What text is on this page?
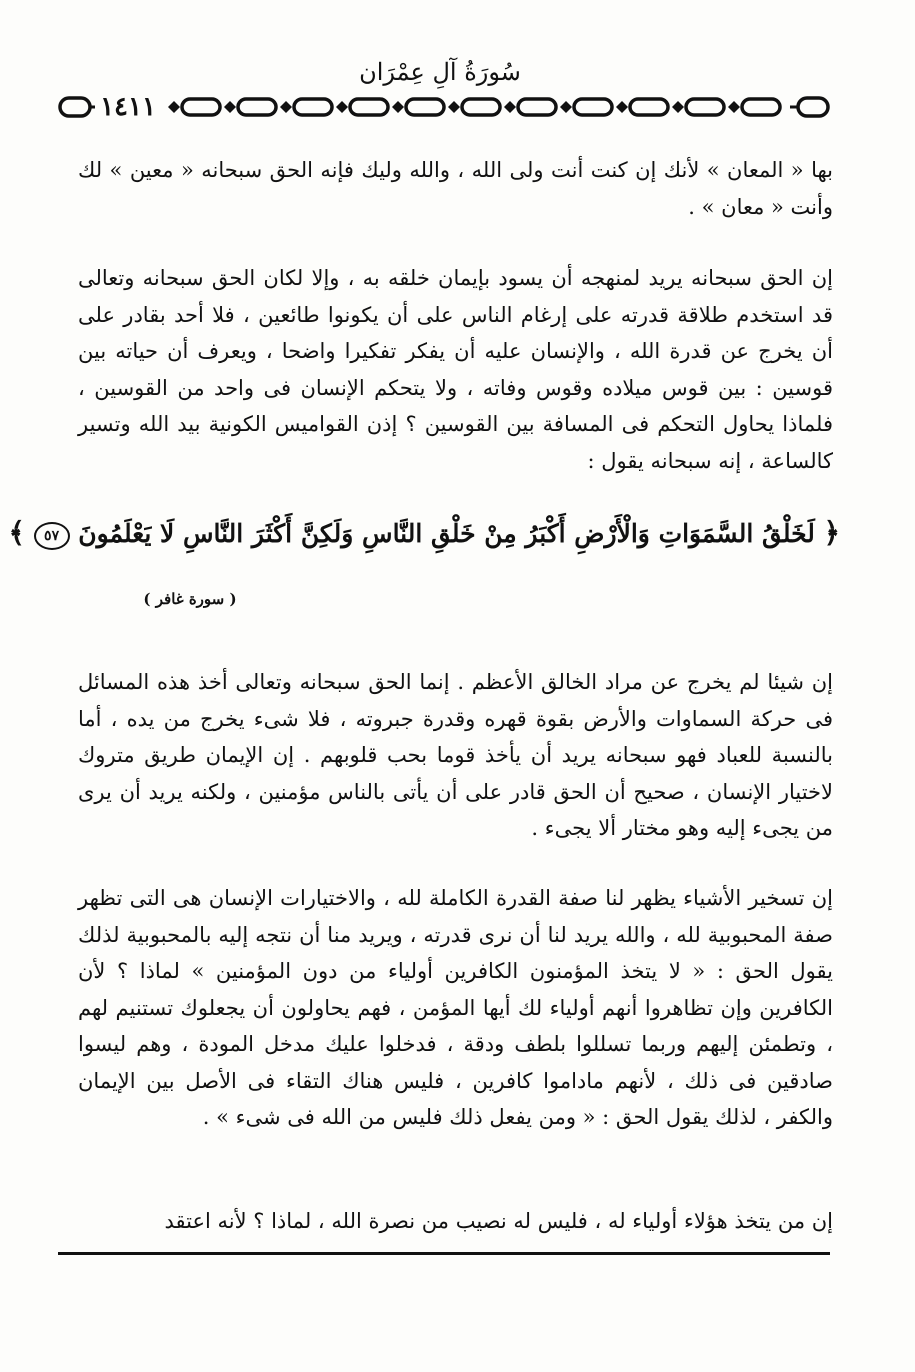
سُورَةُ آلِ عِمْرَان
١٤١١

بها « المعان » لأنك إن كنت أنت ولى الله ، والله وليك فإنه الحق سبحانه « معين » لك وأنت « معان » .

إن الحق سبحانه يريد لمنهجه أن يسود بإيمان خلقه به ، وإلا لكان الحق سبحانه وتعالى قد استخدم طلاقة قدرته على إرغام الناس على أن يكونوا طائعين ، فلا أحد بقادر على أن يخرج عن قدرة الله ، والإنسان عليه أن يفكر تفكيرا واضحا ، ويعرف أن حياته بين قوسين : بين قوس ميلاده وقوس وفاته ، ولا يتحكم الإنسان فى واحد من القوسين ، فلماذا يحاول التحكم فى المسافة بين القوسين ؟ إذن القواميس الكونية بيد الله وتسير كالساعة ، إنه سبحانه يقول :

﴿ لَخَلْقُ السَّمَوَاتِ وَالْأَرْضِ أَكْبَرُ مِنْ خَلْقِ النَّاسِ وَلَكِنَّ أَكْثَرَ النَّاسِ لَا يَعْلَمُونَ ٥٧ ﴾
( سورة غافر )

إن شيئا لم يخرج عن مراد الخالق الأعظم . إنما الحق سبحانه وتعالى أخذ هذه المسائل فى حركة السماوات والأرض بقوة قهره وقدرة جبروته ، فلا شىء يخرج من يده ، أما بالنسبة للعباد فهو سبحانه يريد أن يأخذ قوما بحب قلوبهم . إن الإيمان طريق متروك لاختيار الإنسان ، صحيح أن الحق قادر على أن يأتى بالناس مؤمنين ، ولكنه يريد أن يرى من يجىء إليه وهو مختار ألا يجىء .

إن تسخير الأشياء يظهر لنا صفة القدرة الكاملة لله ، والاختيارات الإنسان هى التى تظهر صفة المحبوبية لله ، والله يريد لنا أن نرى قدرته ، ويريد منا أن نتجه إليه بالمحبوبية لذلك يقول الحق : « لا يتخذ المؤمنون الكافرين أولياء من دون المؤمنين » لماذا ؟ لأن الكافرين وإن تظاهروا أنهم أولياء لك أيها المؤمن ، فهم يحاولون أن يجعلوك تستنيم لهم ، وتطمئن إليهم وربما تسللوا بلطف ودقة ، فدخلوا عليك مدخل المودة ، وهم ليسوا صادقين فى ذلك ، لأنهم ماداموا كافرين ، فليس هناك التقاء فى الأصل بين الإيمان والكفر ، لذلك يقول الحق : « ومن يفعل ذلك فليس من الله فى شىء » .

إن من يتخذ هؤلاء أولياء له ، فليس له نصيب من نصرة الله ، لماذا ؟ لأنه اعتقد
